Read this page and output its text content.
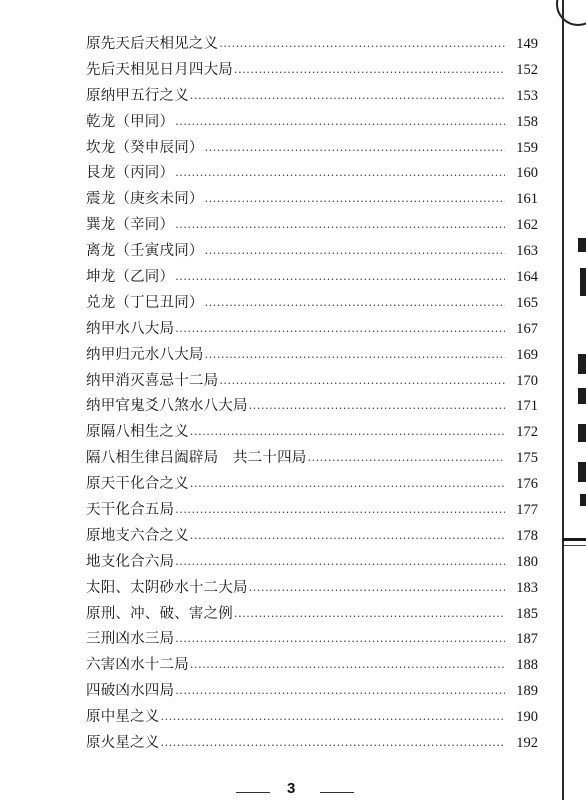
原先天后天相见之义 ·····	149
先后天相见日月四大局 ·····	152
原纳甲五行之义 ·····	153
乾龙（甲同） ·····	158
坎龙（癸申辰同） ·····	159
艮龙（丙同） ·····	160
震龙（庚亥未同） ·····	161
巽龙（辛同） ·····	162
离龙（壬寅戌同） ·····	163
坤龙（乙同） ·····	164
兑龙（丁巳丑同） ·····	165
纳甲水八大局 ·····	167
纳甲归元水八大局 ·····	169
纳甲消灭喜忌十二局 ·····	170
纳甲官鬼爻八煞水八大局 ·····	171
原隔八相生之义 ·····	172
隔八相生律吕阖辟局　共二十四局 ·····	175
原天干化合之义 ·····	176
天干化合五局 ·····	177
原地支六合之义 ·····	178
地支化合六局 ·····	180
太阳、太阴砂水十二大局 ·····	183
原刑、冲、破、害之例 ·····	185
三刑凶水三局 ·····	187
六害凶水十二局 ·····	188
四破凶水四局 ·····	189
原中星之义 ·····	190
原火星之义 ·····	192
3
